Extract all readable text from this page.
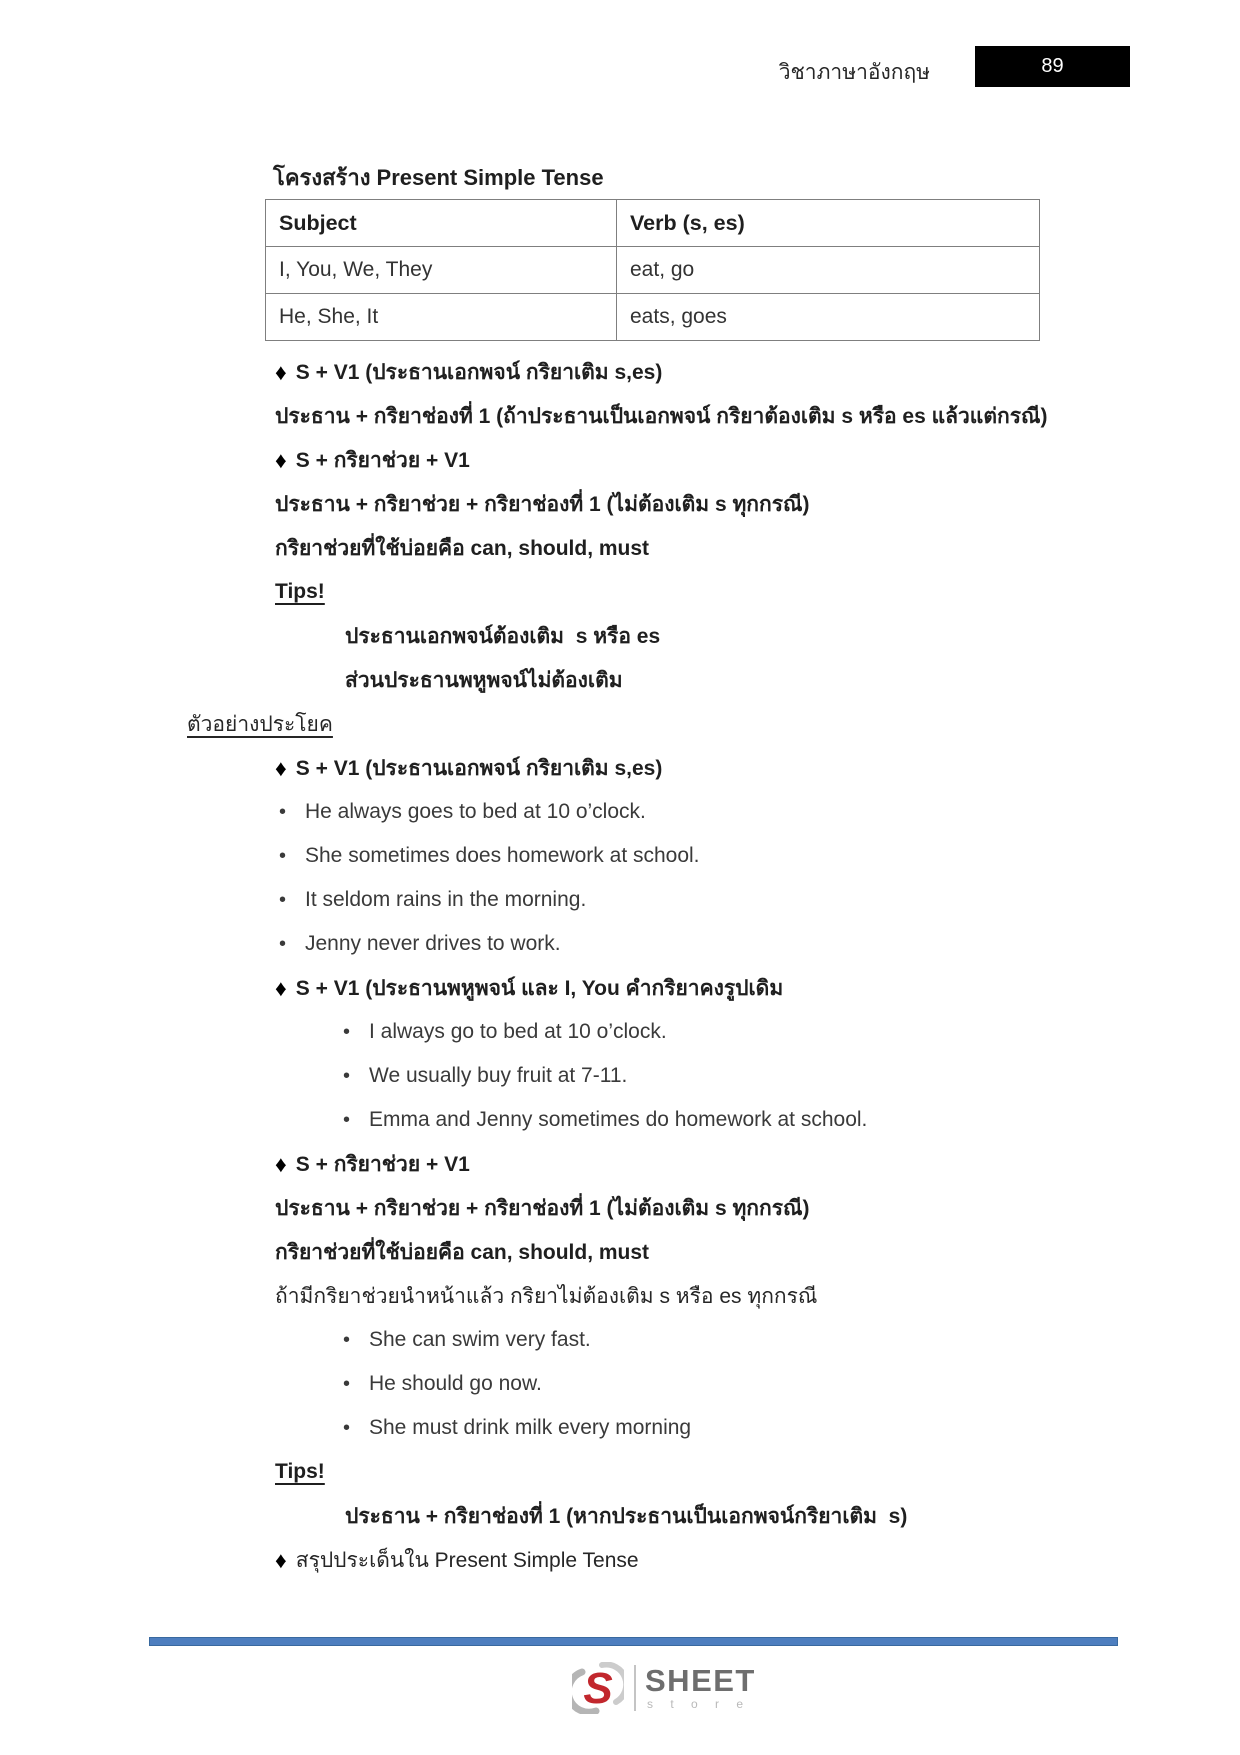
วิชาภาษาอังกฤษ	89
โครงสร้าง Present Simple Tense
Subject	Verb (s, es)
I, You, We, They	eat, go
He, She, It	eats, goes
♦ S + V1 (ประธานเอกพจน์ กริยาเติม s,es)
ประธาน + กริยาช่องที่ 1 (ถ้าประธานเป็นเอกพจน์ กริยาต้องเติม s หรือ es แล้วแต่กรณี)
♦ S + กริยาช่วย + V1
ประธาน + กริยาช่วย + กริยาช่องที่ 1 (ไม่ต้องเติม s ทุกกรณี)
กริยาช่วยที่ใช้บ่อยคือ can, should, must
Tips!
ประธานเอกพจน์ต้องเติม  s หรือ es
ส่วนประธานพหูพจน์ไม่ต้องเติม
ตัวอย่างประโยค
♦ S + V1 (ประธานเอกพจน์ กริยาเติม s,es)
• He always goes to bed at 10 o’clock.
• She sometimes does homework at school.
• It seldom rains in the morning.
• Jenny never drives to work.
♦ S + V1 (ประธานพหูพจน์ และ I, You คำกริยาคงรูปเดิม
• I always go to bed at 10 o’clock.
• We usually buy fruit at 7-11.
• Emma and Jenny sometimes do homework at school.
♦ S + กริยาช่วย + V1
ประธาน + กริยาช่วย + กริยาช่องที่ 1 (ไม่ต้องเติม s ทุกกรณี)
กริยาช่วยที่ใช้บ่อยคือ can, should, must
ถ้ามีกริยาช่วยนำหน้าแล้ว กริยาไม่ต้องเติม s หรือ es ทุกกรณี
• She can swim very fast.
• He should go now.
• She must drink milk every morning
Tips!
ประธาน + กริยาช่องที่ 1 (หากประธานเป็นเอกพจน์กริยาเติม  s)
♦ สรุปประเด็นใน Present Simple Tense
S SHEET
s t o r e
